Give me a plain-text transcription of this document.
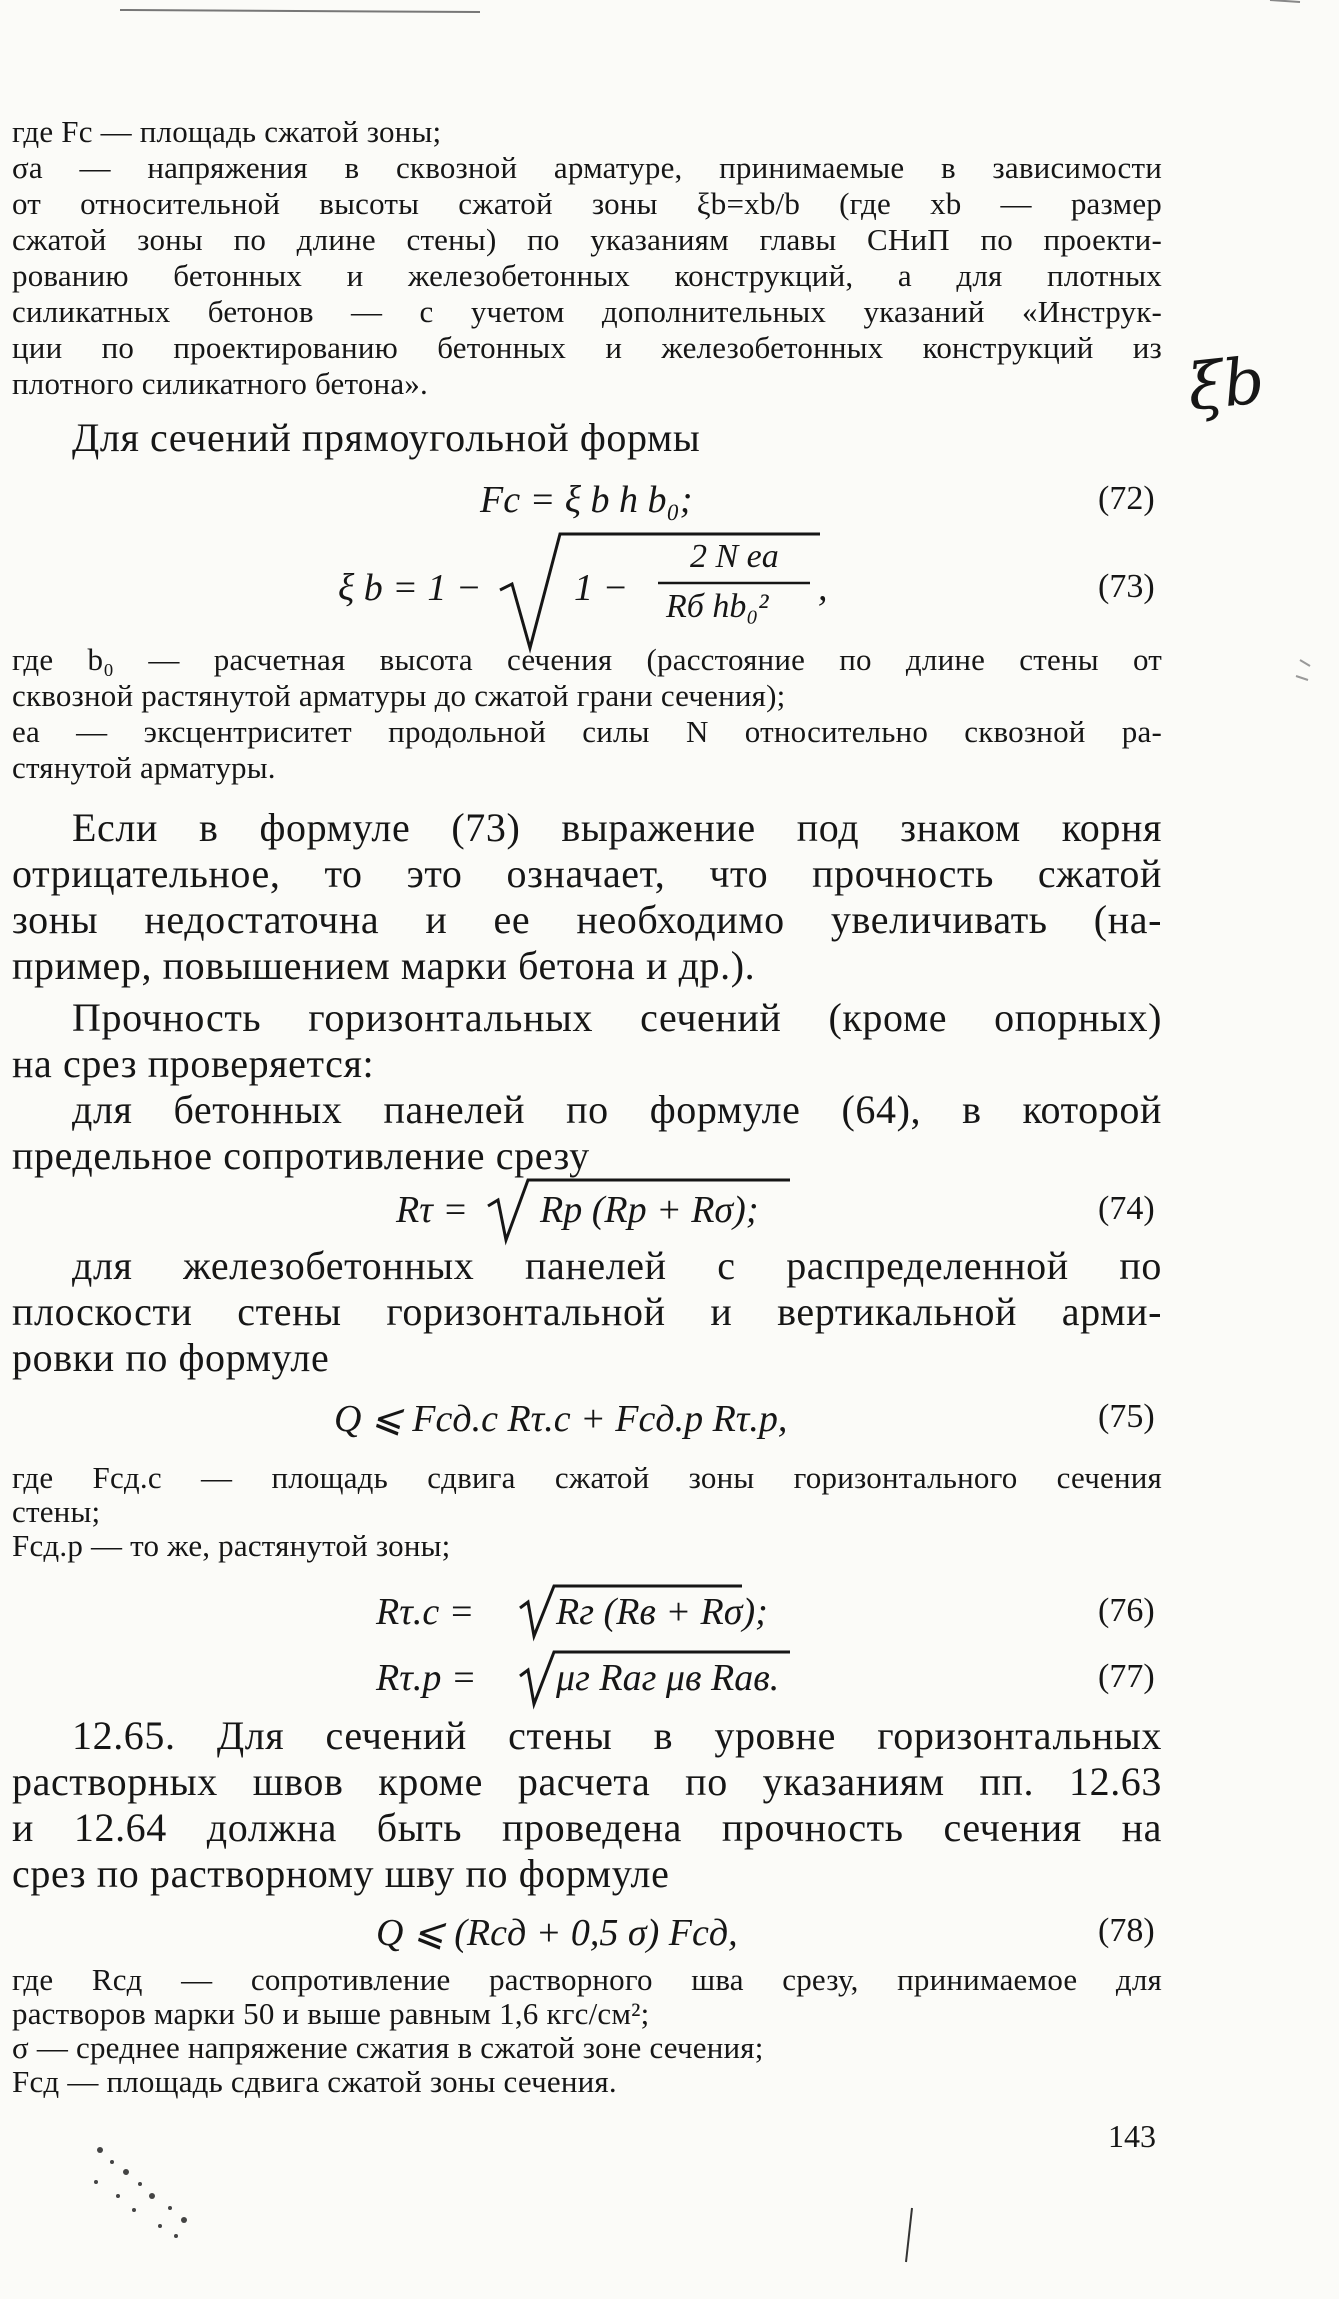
где Fс — площадь сжатой зоны;
σа — напряжения в сквозной арматуре, принимаемые в зависимости
от относительной высоты сжатой зоны ξb=xb/b (где xb — размер
сжатой зоны по длине стены) по указаниям главы СНиП по проекти-
рованию бетонных и железобетонных конструкций, а для плотных
силикатных бетонов — с учетом дополнительных указаний «Инструк-
ции по проектированию бетонных и железобетонных конструкций из
плотного силикатного бетона».	ξb
Для сечений прямоугольной формы
Fс = ξ b h b₀;	(72)
ξ b = 1 − 1 −
2 N eа
Rб hb₀² ,	(73)
где b₀ — расчетная высота сечения (расстояние по длине стены от
сквозной растянутой арматуры до сжатой грани сечения);
eа — эксцентриситет продольной силы N относительно сквозной ра-
стянутой арматуры.
Если в формуле (73) выражение под знаком корня
отрицательное, то это означает, что прочность сжатой
зоны недостаточна и ее необходимо увеличивать (на-
пример, повышением марки бетона и др.).
Прочность горизонтальных сечений (кроме опорных)
на срез проверяется:
для бетонных панелей по формуле (64), в которой
предельное сопротивление срезу
Rτ = Rр (Rр + Rσ);	(74)
для железобетонных панелей с распределенной по
плоскости стены горизонтальной и вертикальной арми-
ровки по формуле
Q ⩽ Fсд.с Rτ.с + Fсд.р Rτ.р,	(75)
где Fсд.с — площадь сдвига сжатой зоны горизонтального сечения
стены;
Fсд.р — то же, растянутой зоны;
Rτ.с = Rг (Rв + Rσ);	(76)
Rτ.р = μг Rаг μв Rав.	(77)
12.65. Для сечений стены в уровне горизонтальных
растворных швов кроме расчета по указаниям пп. 12.63
и 12.64 должна быть проведена прочность сечения на
срез по растворному шву по формуле
Q ⩽ (Rсд + 0,5 σ) Fсд,	(78)
где Rсд — сопротивление растворного шва срезу, принимаемое для
растворов марки 50 и выше равным 1,6 кгс/см²;
σ — среднее напряжение сжатия в сжатой зоне сечения;
Fсд — площадь сдвига сжатой зоны сечения.
143
